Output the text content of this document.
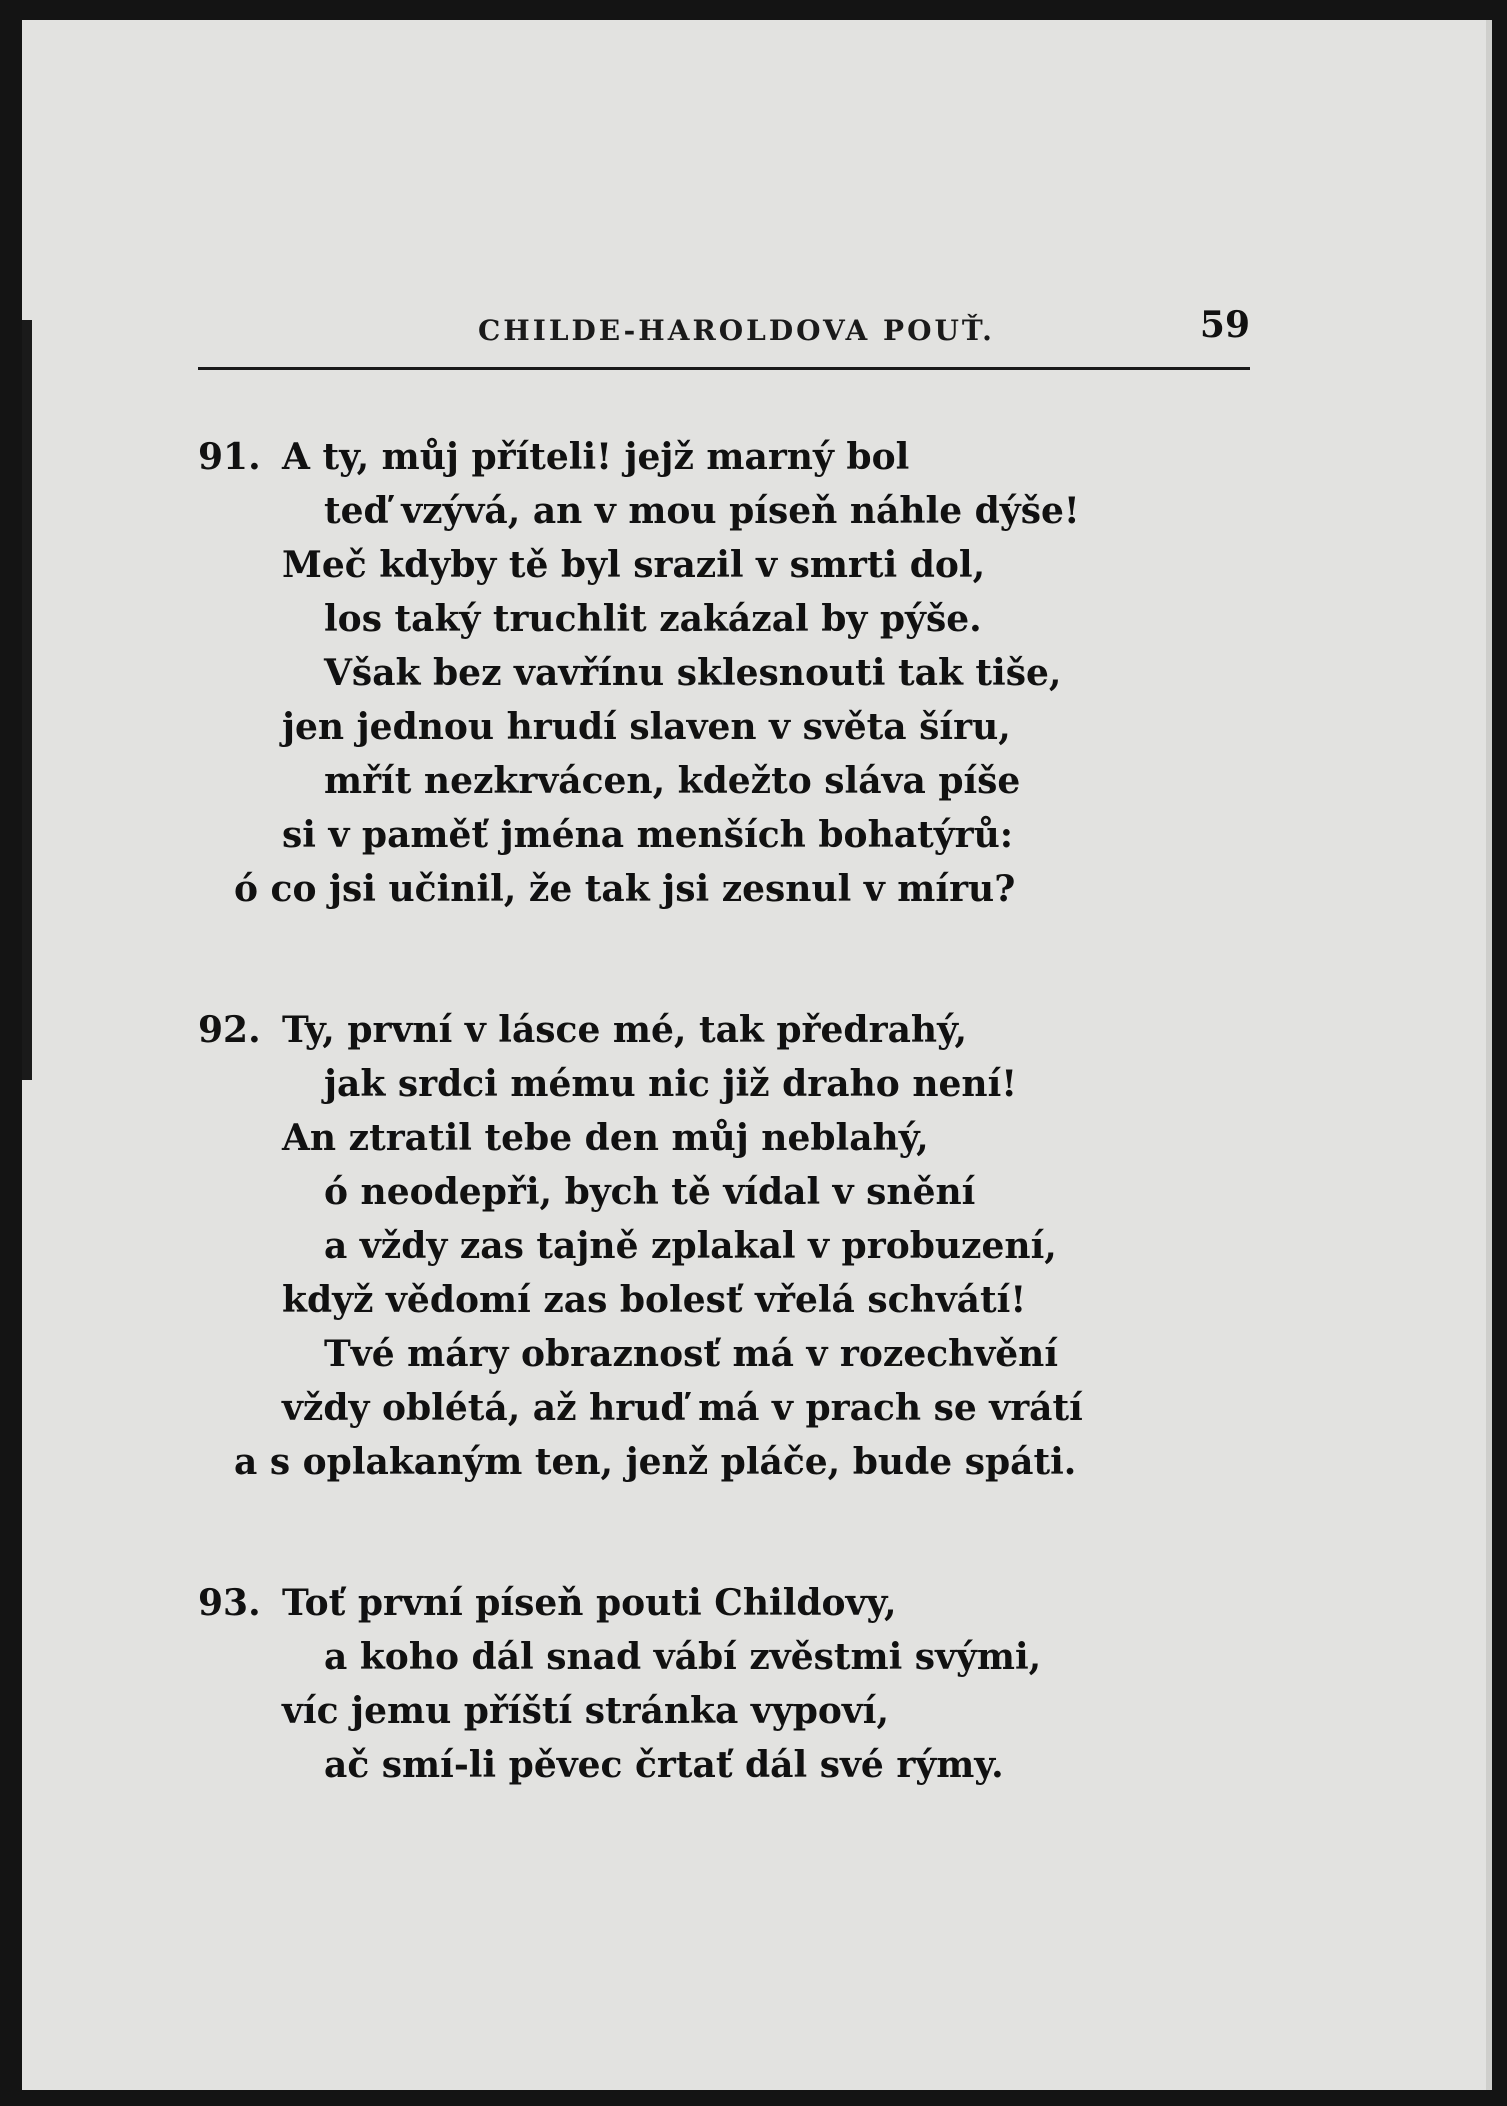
CHILDE-HAROLDOVA POUŤ.	59
91. A ty, můj příteli! jejž marný bol
teď vzývá, an v mou píseň náhle dýše!
Meč kdyby tě byl srazil v smrti dol,
los taký truchlit zakázal by pýše.
Však bez vavřínu sklesnouti tak tiše,
jen jednou hrudí slaven v světa šíru,
mřít nezkrvácen, kdežto sláva píše
si v paměť jména menších bohatýrů:
ó co jsi učinil, že tak jsi zesnul v míru?
92. Ty, první v lásce mé, tak předrahý,
jak srdci mému nic již draho není!
An ztratil tebe den můj neblahý,
ó neodepři, bych tě vídal v snění
a vždy zas tajně zplakal v probuzení,
když vědomí zas bolesť vřelá schvátí!
Tvé máry obraznosť má v rozechvění
vždy oblétá, až hruď má v prach se vrátí
a s oplakaným ten, jenž pláče, bude spáti.
93. Toť první píseň pouti Childovy,
a koho dál snad vábí zvěstmi svými,
víc jemu příští stránka vypoví,
ač smí-li pěvec črtať dál své rýmy.
